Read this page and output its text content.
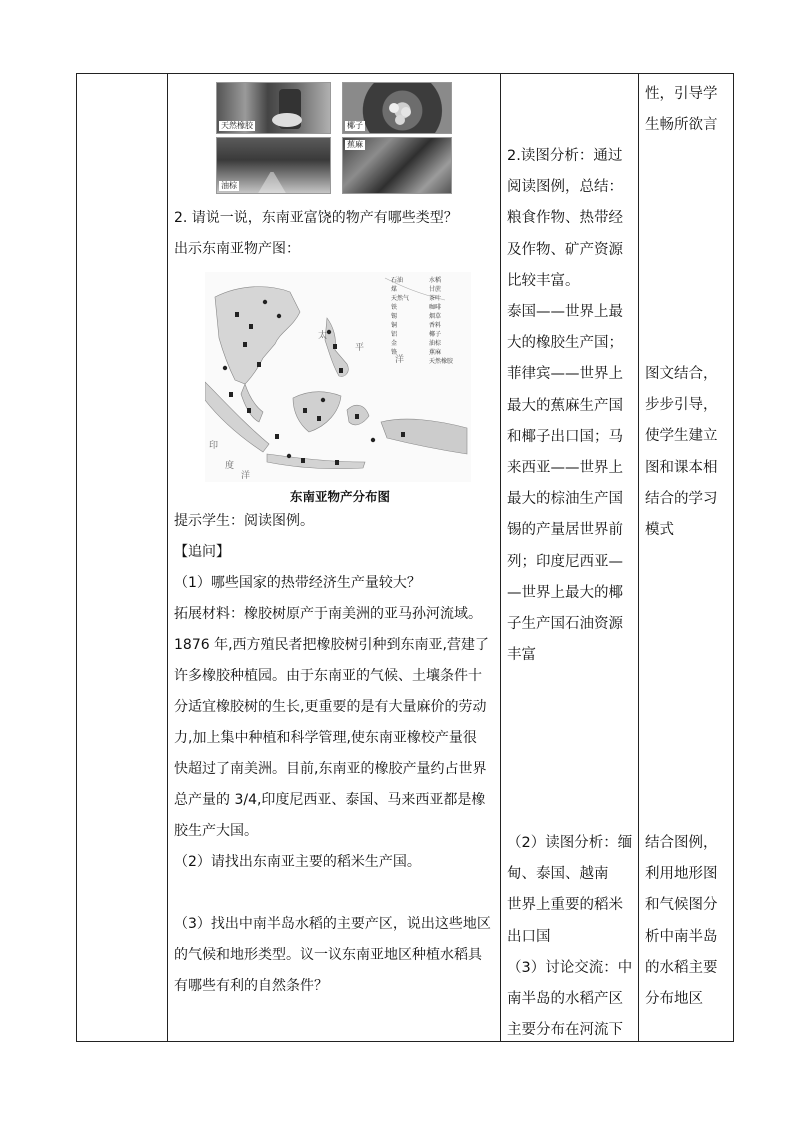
天然橡胶	椰子
油棕
蕉麻

2. 请说一说，东南亚富饶的物产有哪些类型？

出示东南亚物产图：

太
平
洋
印
度
洋
石油
煤
天然气
铁
锡
铜
铝
金
铬
水稻
甘蔗
茶叶
咖啡
烟草
香料
椰子
油棕
蕉麻
天然橡胶
东南亚物产分布图

提示学生：阅读图例。

【追问】

（1）哪些国家的热带经济生产量较大？

拓展材料：橡胶树原产于南美洲的亚马孙河流域。

1876 年,西方殖民者把橡胶树引种到东南亚,营建了

许多橡胶种植园。由于东南亚的气候、土壤条件十

分适宜橡胶树的生长,更重要的是有大量麻价的劳动

力,加上集中种植和科学管理,使东南亚橡校产量很

快超过了南美洲。目前,东南亚的橡胶产量约占世界

总产量的 3/4,印度尼西亚、泰国、马来西亚都是橡

胶生产大国。

（2）请找出东南亚主要的稻米生产国。

（3）找出中南半岛水稻的主要产区，说出这些地区

的气候和地形类型。议一议东南亚地区种植水稻具

有哪些有利的自然条件？

2.读图分析：通过

阅读图例，总结：

粮食作物、热带经

及作物、矿产资源

比较丰富。

泰国——世界上最

大的橡胶生产国；

菲律宾——世界上

最大的蕉麻生产国

和椰子出口国；马

来西亚——世界上

最大的棕油生产国

锡的产量居世界前

列；印度尼西亚—

—世界上最大的椰

子生产国石油资源

丰富

（2）读图分析：缅

甸、泰国、越南

世界上重要的稻米

出口国

（3）讨论交流：中

南半岛的水稻产区

主要分布在河流下

性，引导学

生畅所欲言

图文结合，

步步引导，

使学生建立

图和课本相

结合的学习

模式

结合图例，

利用地形图

和气候图分

析中南半岛

的水稻主要

分布地区
